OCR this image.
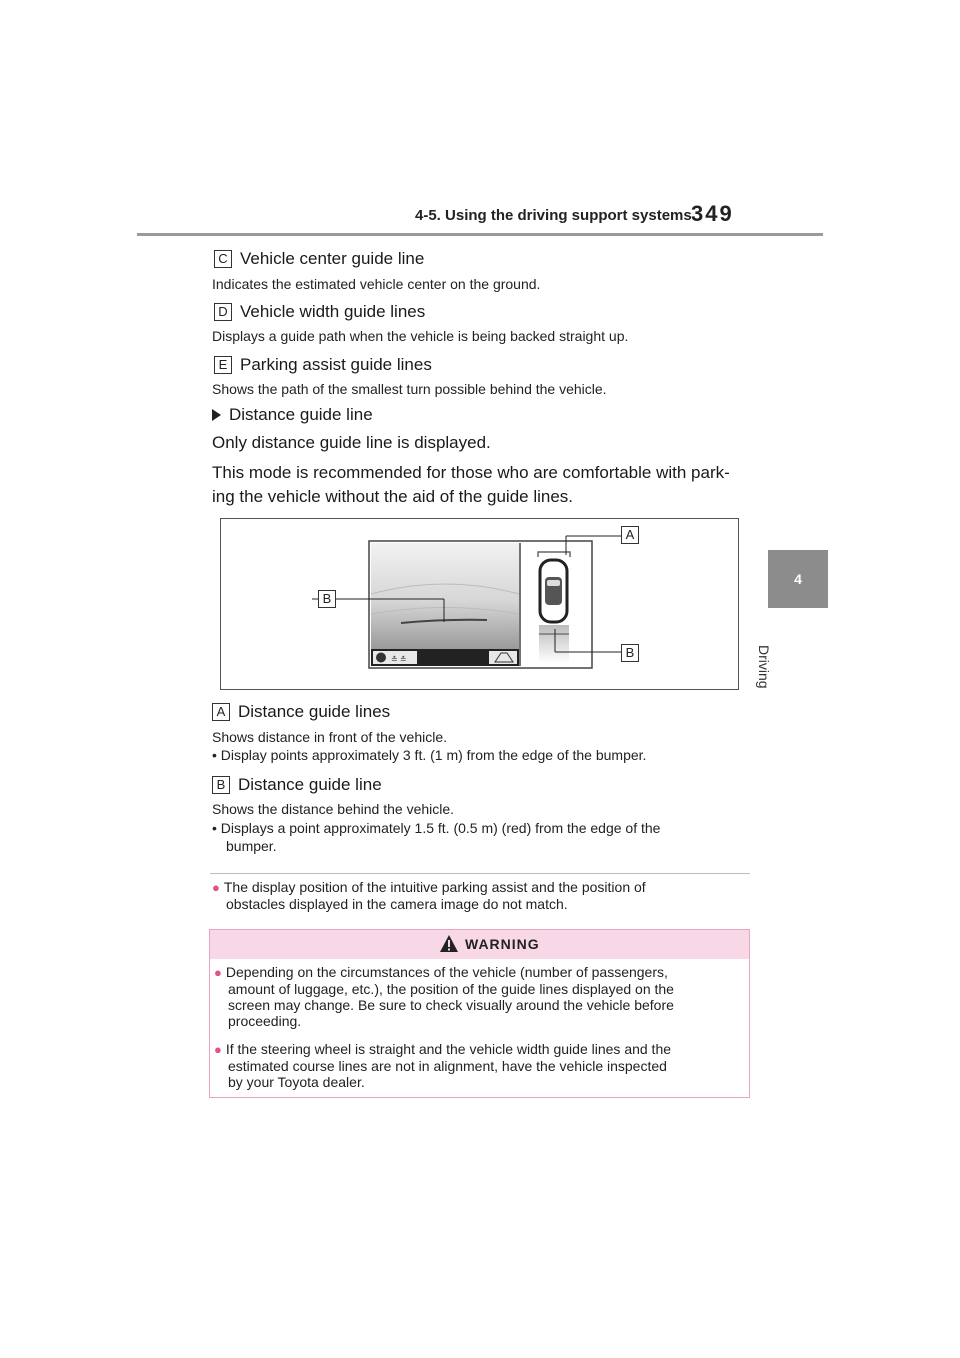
4-5. Using the driving support systems 349
4
Driving
C Vehicle center guide line
Indicates the estimated vehicle center on the ground.
D Vehicle width guide lines
Displays a guide path when the vehicle is being backed straight up.
E Parking assist guide lines
Shows the path of the smallest turn possible behind the vehicle.
Distance guide line
Only distance guide line is displayed.
This mode is recommended for those who are comfortable with park-
ing the vehicle without the aid of the guide lines.
≛ ≛
B
A
B
A Distance guide lines
Shows distance in front of the vehicle.
• Display points approximately 3 ft. (1 m) from the edge of the bumper.
B Distance guide line
Shows the distance behind the vehicle.
• Displays a point approximately 1.5 ft. (0.5 m) (red) from the edge of the
bumper.
● The display position of the intuitive parking assist and the position of
obstacles displayed in the camera image do not match.
WARNING
● Depending on the circumstances of the vehicle (number of passengers,
amount of luggage, etc.), the position of the guide lines displayed on the
screen may change. Be sure to check visually around the vehicle before
proceeding.
● If the steering wheel is straight and the vehicle width guide lines and the
estimated course lines are not in alignment, have the vehicle inspected
by your Toyota dealer.
